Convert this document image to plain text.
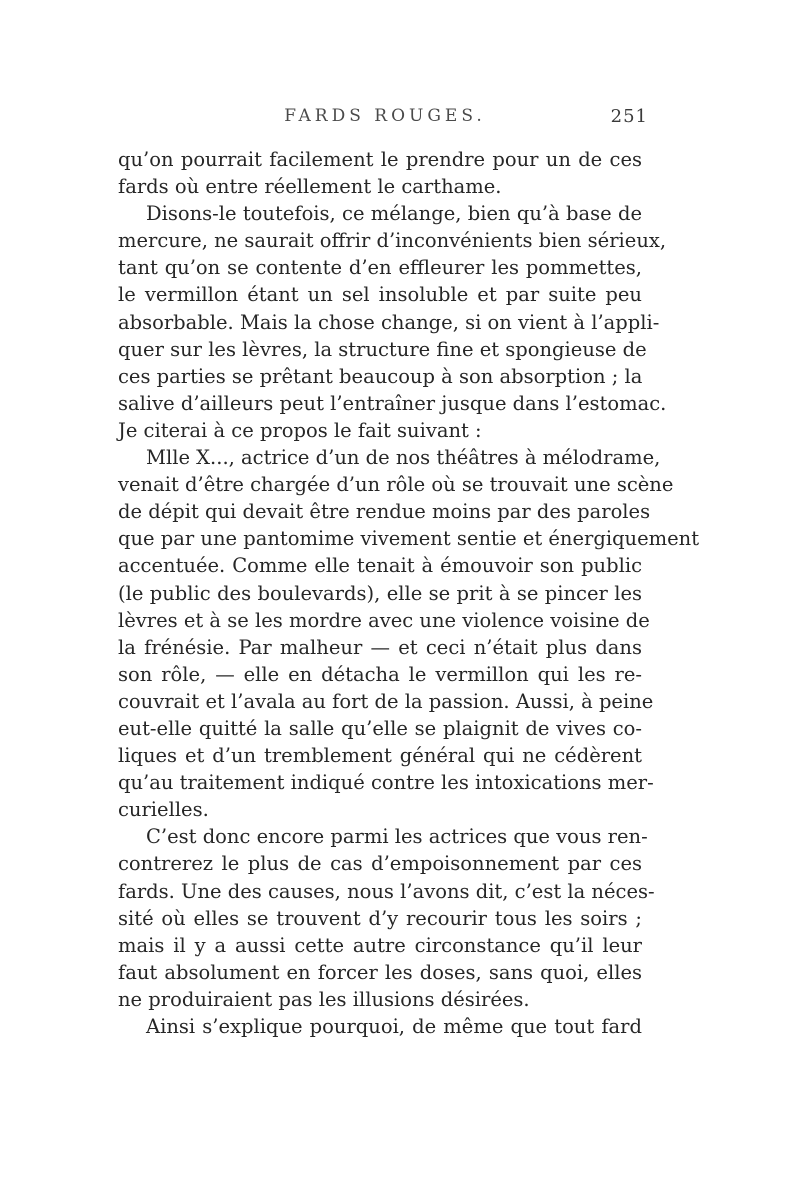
FARDS ROUGES.	251
qu’on pourrait facilement le prendre pour un de ces
fards où entre réellement le carthame.
Disons-le toutefois, ce mélange, bien qu’à base de
mercure, ne saurait offrir d’inconvénients bien sérieux,
tant qu’on se contente d’en effleurer les pommettes,
le vermillon étant un sel insoluble et par suite peu
absorbable. Mais la chose change, si on vient à l’appli-
quer sur les lèvres, la structure fine et spongieuse de
ces parties se prêtant beaucoup à son absorption ; la
salive d’ailleurs peut l’entraîner jusque dans l’estomac.
Je citerai à ce propos le fait suivant :
Mlle X..., actrice d’un de nos théâtres à mélodrame,
venait d’être chargée d’un rôle où se trouvait une scène
de dépit qui devait être rendue moins par des paroles
que par une pantomime vivement sentie et énergiquement
accentuée. Comme elle tenait à émouvoir son public
(le public des boulevards), elle se prit à se pincer les
lèvres et à se les mordre avec une violence voisine de
la frénésie. Par malheur — et ceci n’était plus dans
son rôle, — elle en détacha le vermillon qui les re-
couvrait et l’avala au fort de la passion. Aussi, à peine
eut-elle quitté la salle qu’elle se plaignit de vives co-
liques et d’un tremblement général qui ne cédèrent
qu’au traitement indiqué contre les intoxications mer-
curielles.
C’est donc encore parmi les actrices que vous ren-
contrerez le plus de cas d’empoisonnement par ces
fards. Une des causes, nous l’avons dit, c’est la néces-
sité où elles se trouvent d’y recourir tous les soirs ;
mais il y a aussi cette autre circonstance qu’il leur
faut absolument en forcer les doses, sans quoi, elles
ne produiraient pas les illusions désirées.
Ainsi s’explique pourquoi, de même que tout fard
